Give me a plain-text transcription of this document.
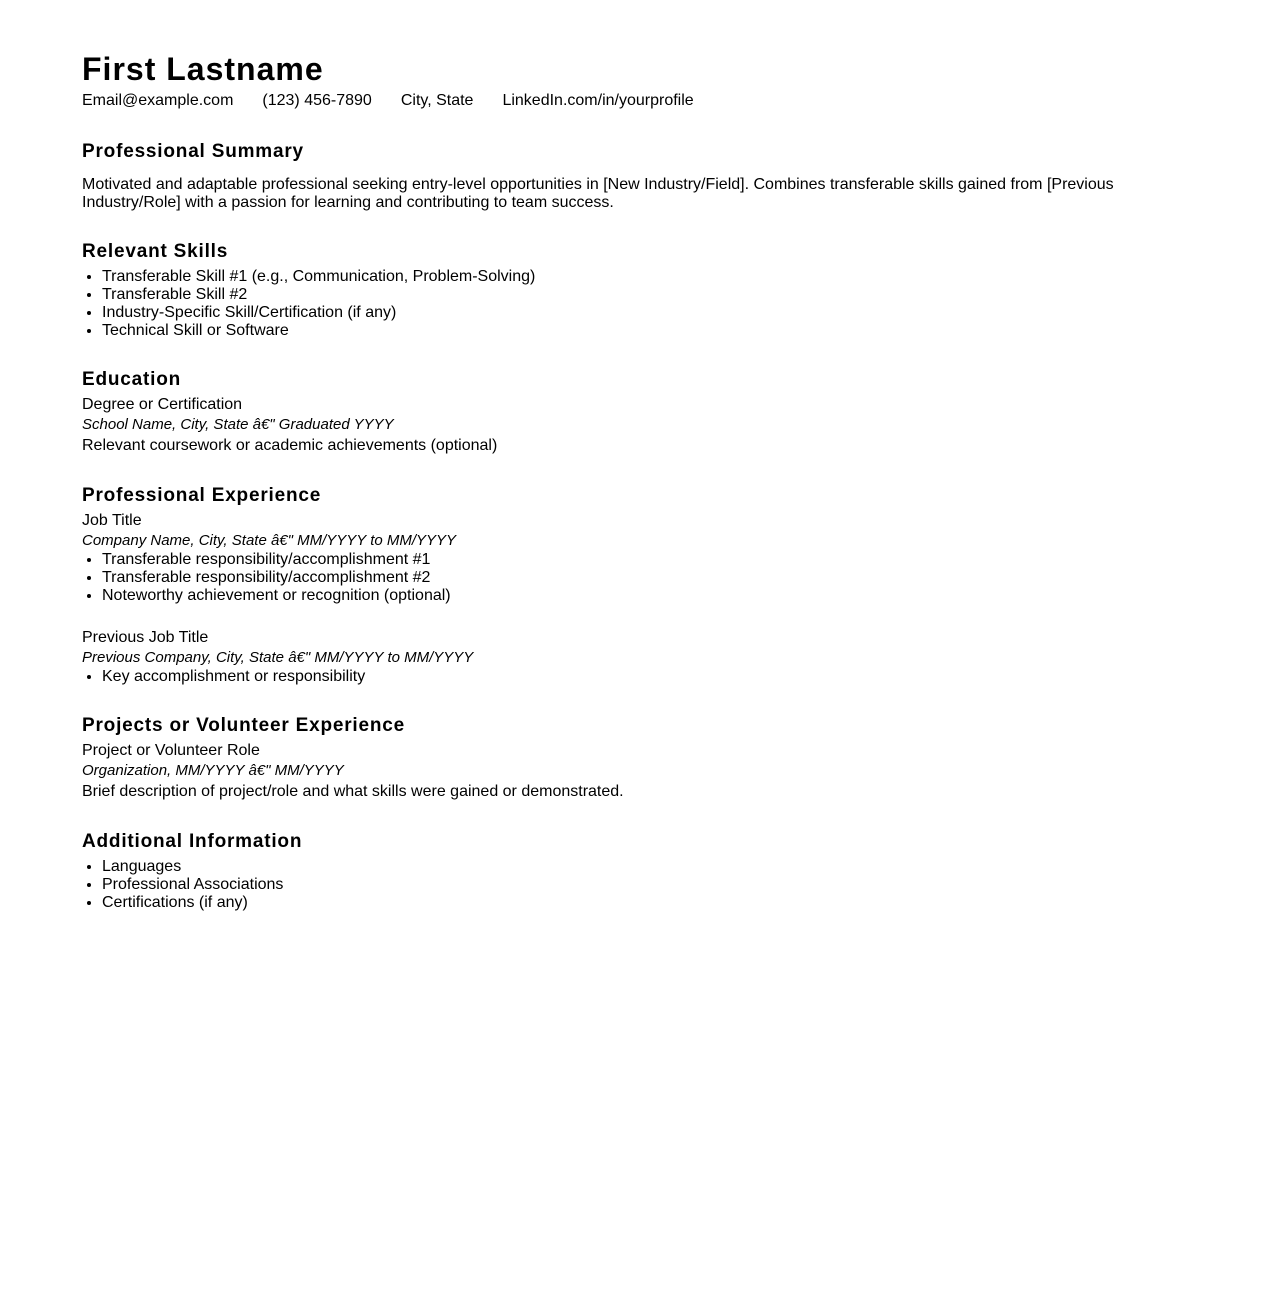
First Lastname
Email@example.com (123) 456-7890 City, State LinkedIn.com/in/yourprofile
Professional Summary

Motivated and adaptable professional seeking entry-level opportunities in [New Industry/Field]. Combines transferable skills gained from [Previous Industry/Role] with a passion for learning and contributing to team success.

Relevant Skills
• Transferable Skill #1 (e.g., Communication, Problem-Solving)
• Transferable Skill #2
• Industry-Specific Skill/Certification (if any)
• Technical Skill or Software
Education
Degree or Certification
School Name, City, State â€" Graduated YYYY
Relevant coursework or academic achievements (optional)
Professional Experience
Job Title
Company Name, City, State â€" MM/YYYY to MM/YYYY
• Transferable responsibility/accomplishment #1
• Transferable responsibility/accomplishment #2
• Noteworthy achievement or recognition (optional)
Previous Job Title
Previous Company, City, State â€" MM/YYYY to MM/YYYY
• Key accomplishment or responsibility
Projects or Volunteer Experience
Project or Volunteer Role
Organization, MM/YYYY â€" MM/YYYY
Brief description of project/role and what skills were gained or demonstrated.
Additional Information
• Languages
• Professional Associations
• Certifications (if any)
